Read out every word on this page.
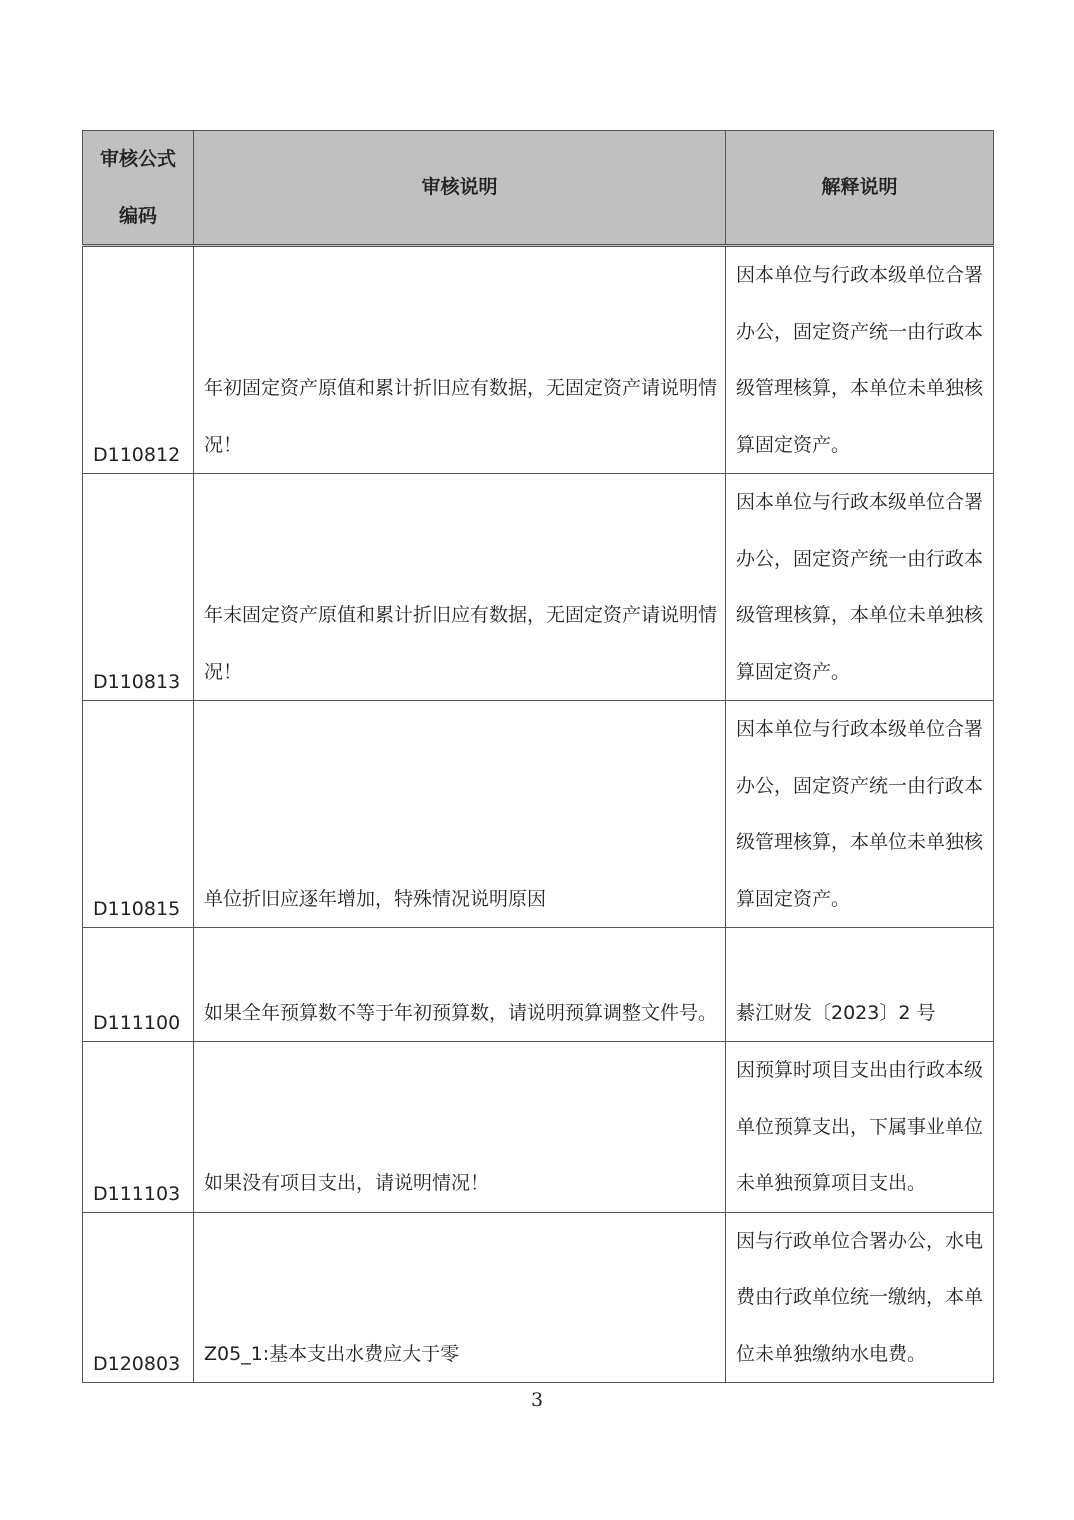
审核公式编码	审核说明	解释说明
D110812	年初固定资产原值和累计折旧应有数据，无固定资产请说明情况！	因本单位与行政本级单位合署办公，固定资产统一由行政本级管理核算，本单位未单独核算固定资产。
D110813	年末固定资产原值和累计折旧应有数据，无固定资产请说明情况！	因本单位与行政本级单位合署办公，固定资产统一由行政本级管理核算，本单位未单独核算固定资产。
D110815	单位折旧应逐年增加，特殊情况说明原因	因本单位与行政本级单位合署办公，固定资产统一由行政本级管理核算，本单位未单独核算固定资产。
D111100	如果全年预算数不等于年初预算数，请说明预算调整文件号。	綦江财发〔2023〕2 号
D111103	如果没有项目支出，请说明情况！	因预算时项目支出由行政本级单位预算支出，下属事业单位未单独预算项目支出。
D120803	Z05_1:基本支出水费应大于零	因与行政单位合署办公，水电费由行政单位统一缴纳，本单位未单独缴纳水电费。
3
